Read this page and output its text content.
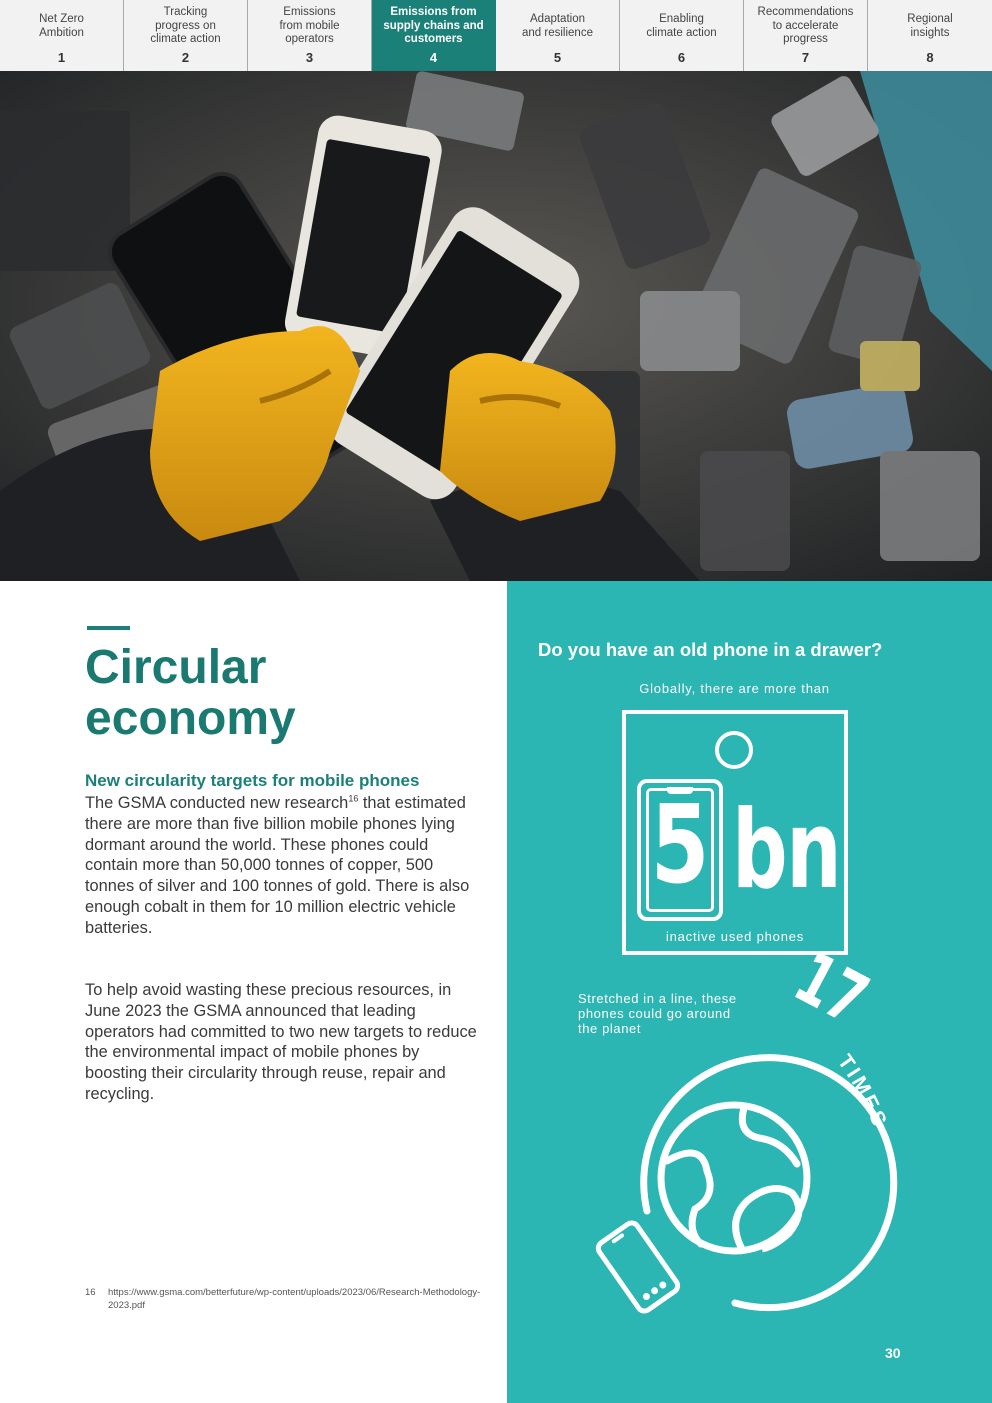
Net Zero
Ambition
1
Tracking
progress on
climate action
2
Emissions
from mobile
operators
3
Emissions from
supply chains and
customers
4
Adaptation
and resilience
5
Enabling
climate action
6
Recommendations
to accelerate
progress
7
Regional
insights
8
Circular
economy
New circularity targets for mobile phones

The GSMA conducted new research$^{16}$ that estimated there are more than five billion mobile phones lying dormant around the world. These phones could contain more than 50,000 tonnes of copper, 500 tonnes of silver and 100 tonnes of gold. There is also enough cobalt in them for 10 million electric vehicle batteries.

To help avoid wasting these precious resources, in June 2023 the GSMA announced that leading operators had committed to two new targets to reduce the environmental impact of mobile phones by boosting their circularity through reuse, repair and recycling.

16	https://www.gsma.com/betterfuture/wp-content/uploads/2023/06/Research-Methodology-2023.pdf
17
TIMES

Do you have an old phone in a drawer?

Globally, there are more than

5 bn
inactive used phones

Stretched in a line, these phones could go around the planet

30
